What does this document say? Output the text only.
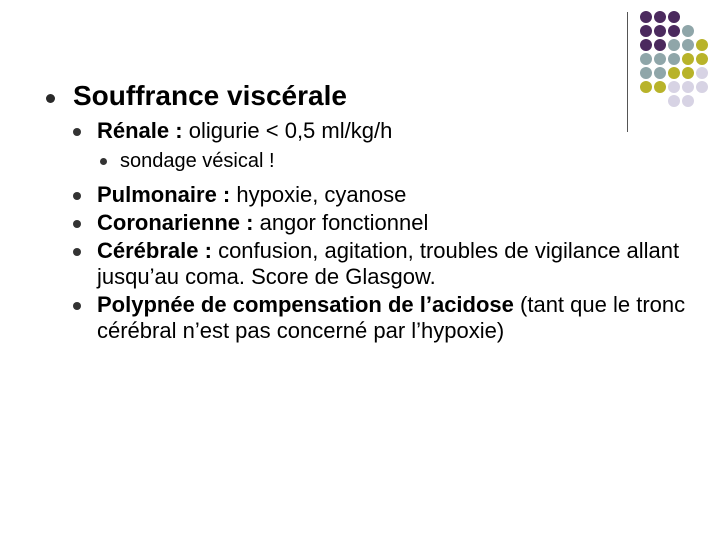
Souffrance viscérale
Rénale : oligurie < 0,5 ml/kg/h
sondage vésical !
Pulmonaire : hypoxie, cyanose
Coronarienne : angor fonctionnel
Cérébrale : confusion, agitation, troubles de vigilance allant jusqu’au coma. Score de Glasgow.
Polypnée de compensation de l’acidose (tant que le tronc cérébral n’est pas concerné par l’hypoxie)
